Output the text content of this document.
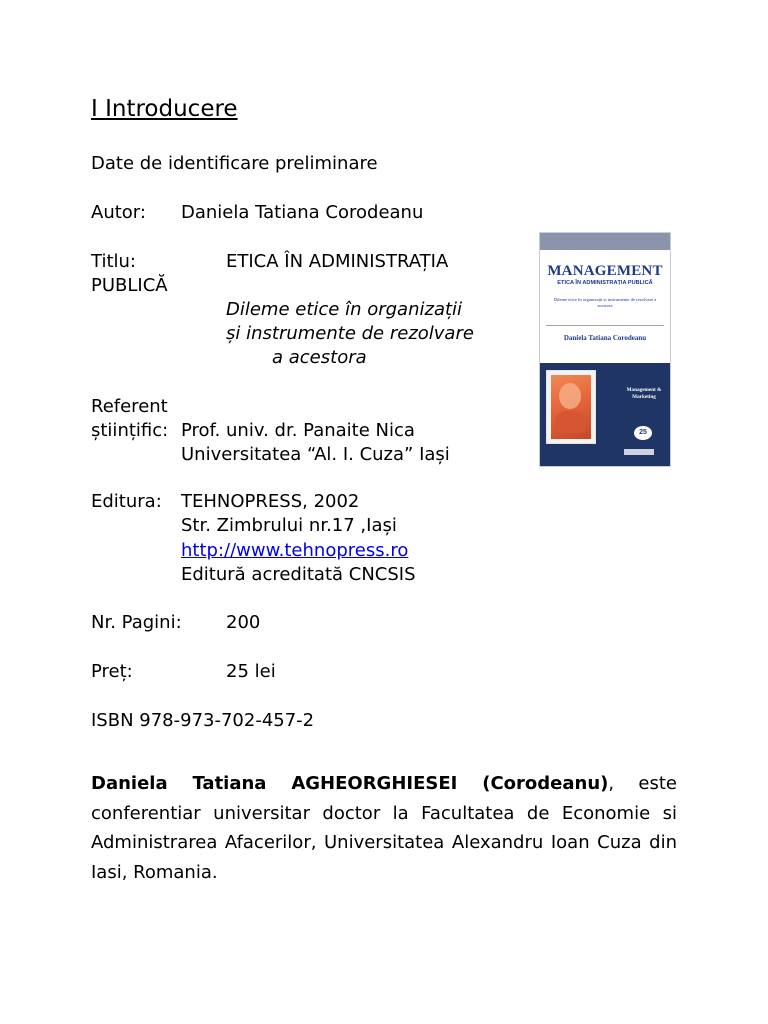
I Introducere
Date de identificare preliminare
Autor: Daniela Tatiana Corodeanu
Titlu:	ETICA ÎN ADMINISTRAȚIA
PUBLICĂ
Dileme etice în organizații
și instrumente de rezolvare
a acestora
Referent
științific: Prof. univ. dr. Panaite Nica
Universitatea “Al. I. Cuza” Iași
Editura: TEHNOPRESS, 2002
Str. Zimbrului nr.17 ,Iași
http://www.tehnopress.ro
Editură acreditată CNCSIS
Nr. Pagini: 200
Preț:	25 lei
ISBN 978-973-702-457-2

Daniela Tatiana AGHEORGHIESEI (Corodeanu), este conferentiar universitar doctor la Facultatea de Economie si Administrarea Afacerilor, Universitatea Alexandru Ioan Cuza din Iasi, Romania.

MANAGEMENT
ETICA ÎN ADMINISTRAȚIA PUBLICĂ
Dileme etice în organizații și instrumente de rezolvare a acestora
Daniela Tatiana Corodeanu
Management & Marketing
25
